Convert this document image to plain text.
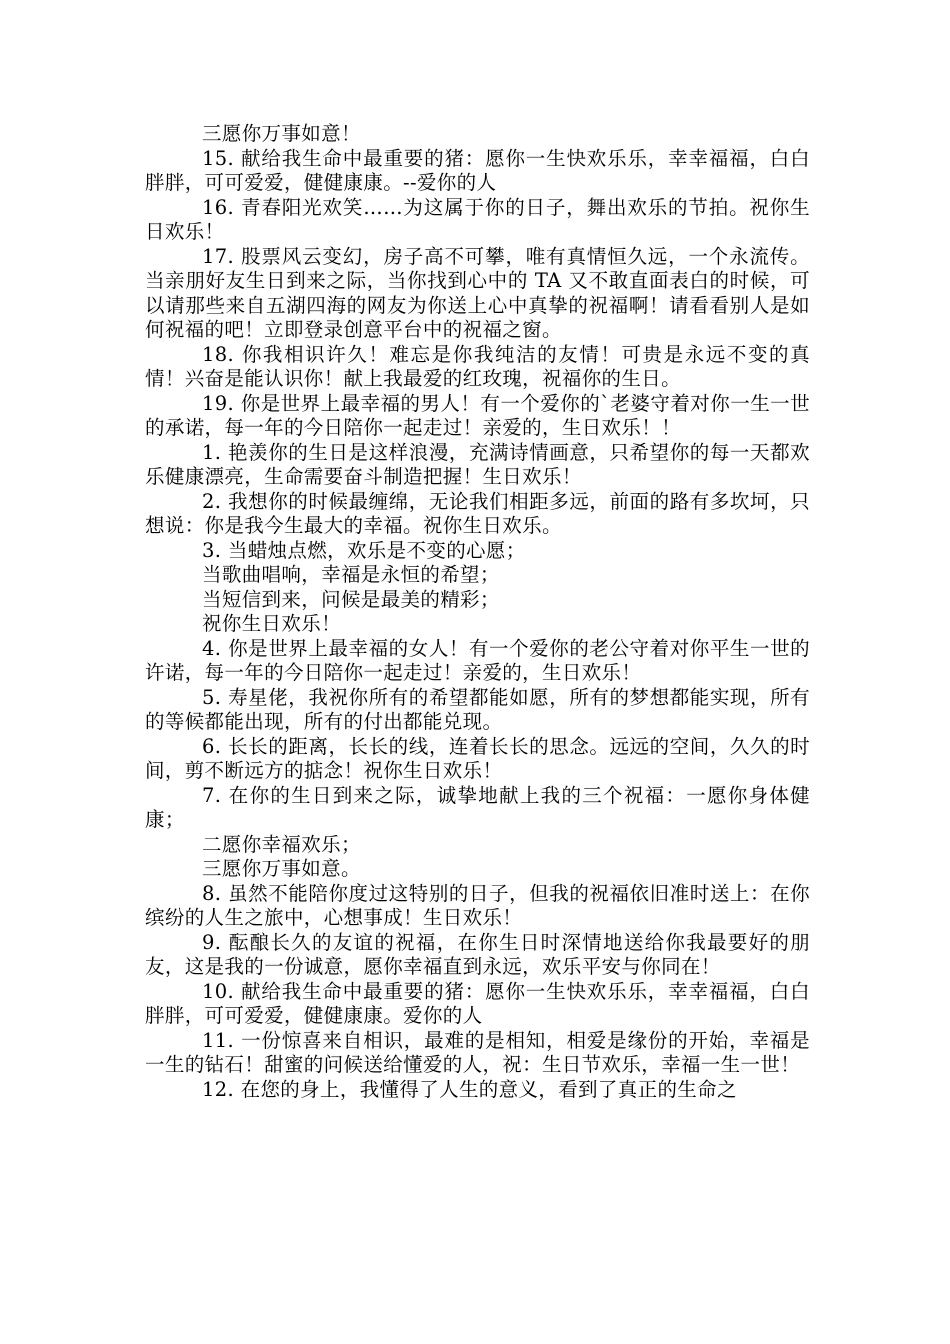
三愿你万事如意！

15. 献给我生命中最重要的猪：愿你一生快欢乐乐，幸幸福福，白白胖胖，可可爱爱，健健康康。--爱你的人

16. 青春阳光欢笑……为这属于你的日子，舞出欢乐的节拍。祝你生日欢乐！

17. 股票风云变幻，房子高不可攀，唯有真情恒久远，一个永流传。当亲朋好友生日到来之际，当你找到心中的 TA 又不敢直面表白的时候，可以请那些来自五湖四海的网友为你送上心中真挚的祝福啊！请看看别人是如何祝福的吧！立即登录创意平台中的祝福之窗。

18. 你我相识许久！难忘是你我纯洁的友情！可贵是永远不变的真情！兴奋是能认识你！献上我最爱的红玫瑰，祝福你的生日。

19. 你是世界上最幸福的男人！有一个爱你的`老婆守着对你一生一世的承诺，每一年的今日陪你一起走过！亲爱的，生日欢乐！！

1. 艳羡你的生日是这样浪漫，充满诗情画意，只希望你的每一天都欢乐健康漂亮，生命需要奋斗制造把握！生日欢乐！

2. 我想你的时候最缠绵，无论我们相距多远，前面的路有多坎坷，只想说：你是我今生最大的幸福。祝你生日欢乐。

3. 当蜡烛点燃，欢乐是不变的心愿；

当歌曲唱响，幸福是永恒的希望；

当短信到来，问候是最美的精彩；

祝你生日欢乐！

4. 你是世界上最幸福的女人！有一个爱你的老公守着对你平生一世的许诺，每一年的今日陪你一起走过！亲爱的，生日欢乐！

5. 寿星佬，我祝你所有的希望都能如愿，所有的梦想都能实现，所有的等候都能出现，所有的付出都能兑现。

6. 长长的距离，长长的线，连着长长的思念。远远的空间，久久的时间，剪不断远方的掂念！祝你生日欢乐！

7. 在你的生日到来之际，诚挚地献上我的三个祝福：一愿你身体健康；

二愿你幸福欢乐；

三愿你万事如意。

8. 虽然不能陪你度过这特别的日子，但我的祝福依旧准时送上：在你缤纷的人生之旅中，心想事成！生日欢乐！

9. 酝酿长久的友谊的祝福，在你生日时深情地送给你我最要好的朋友，这是我的一份诚意，愿你幸福直到永远，欢乐平安与你同在！

10. 献给我生命中最重要的猪：愿你一生快欢乐乐，幸幸福福，白白胖胖，可可爱爱，健健康康。爱你的人

11. 一份惊喜来自相识，最难的是相知，相爱是缘份的开始，幸福是一生的钻石！甜蜜的问候送给懂爱的人，祝：生日节欢乐，幸福一生一世！

12. 在您的身上，我懂得了人生的意义，看到了真正的生命之
